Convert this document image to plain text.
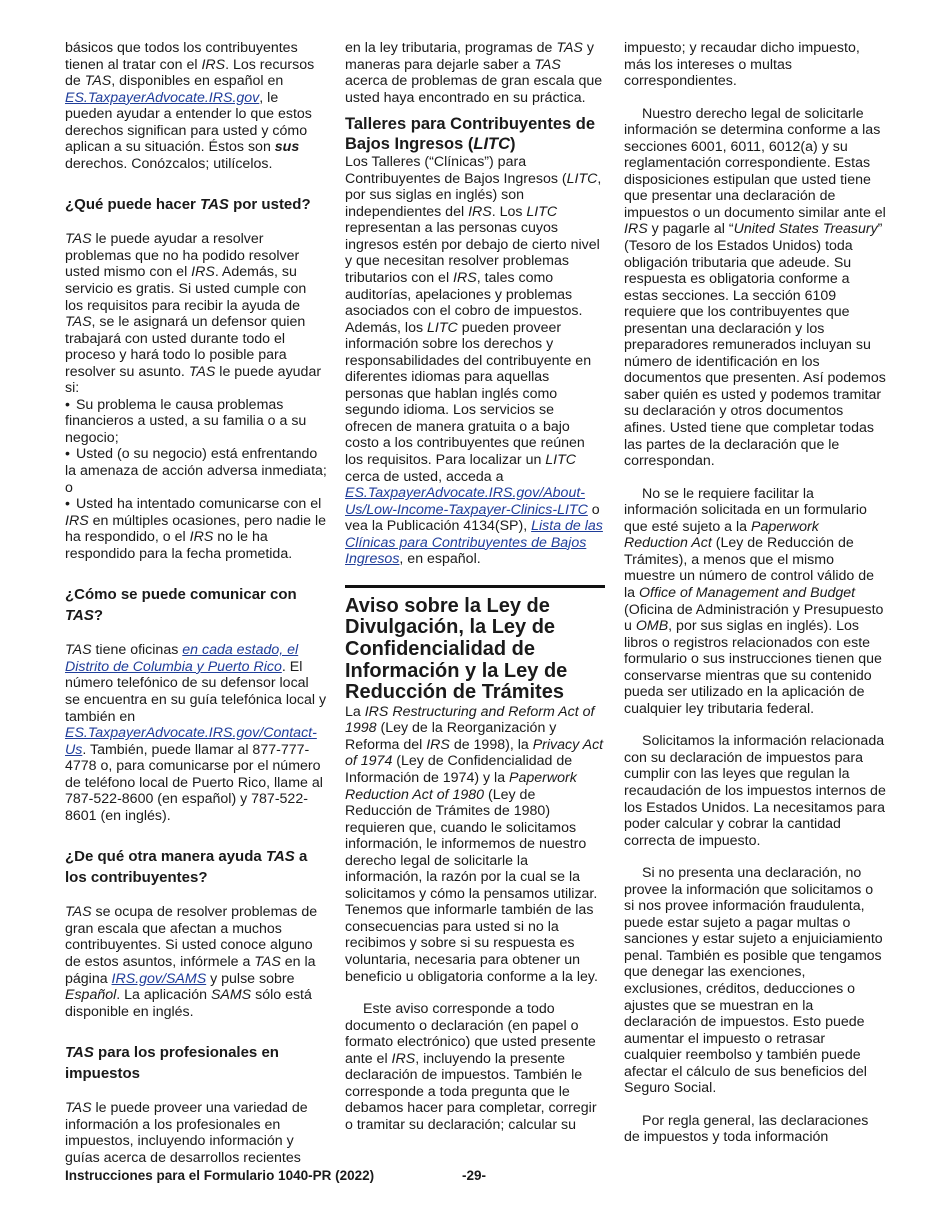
básicos que todos los contribuyentes tienen al tratar con el IRS. Los recursos de TAS, disponibles en español en ES.TaxpayerAdvocate.IRS.gov, le pueden ayudar a entender lo que estos derechos significan para usted y cómo aplican a su situación. Éstos son sus derechos. Conózcalos; utilícelos.

¿Qué puede hacer TAS por usted?

TAS le puede ayudar a resolver problemas que no ha podido resolver usted mismo con el IRS. Además, su servicio es gratis. Si usted cumple con los requisitos para recibir la ayuda de TAS, se le asignará un defensor quien trabajará con usted durante todo el proceso y hará todo lo posible para resolver su asunto. TAS le puede ayudar si:

• Su problema le causa problemas financieros a usted, a su familia o a su negocio;

• Usted (o su negocio) está enfrentando la amenaza de acción adversa inmediata; o

• Usted ha intentado comunicarse con el IRS en múltiples ocasiones, pero nadie le ha respondido, o el IRS no le ha respondido para la fecha prometida.

¿Cómo se puede comunicar con TAS?

TAS tiene oficinas en cada estado, el Distrito de Columbia y Puerto Rico. El número telefónico de su defensor local se encuentra en su guía telefónica local y también en ES.TaxpayerAdvocate.IRS.gov/Contact-Us. También, puede llamar al 877-777-4778 o, para comunicarse por el número de teléfono local de Puerto Rico, llame al 787-522-8600 (en español) y 787-522-8601 (en inglés).

¿De qué otra manera ayuda TAS a los contribuyentes?

TAS se ocupa de resolver problemas de gran escala que afectan a muchos contribuyentes. Si usted conoce alguno de estos asuntos, infórmele a TAS en la página IRS.gov/SAMS y pulse sobre Español. La aplicación SAMS sólo está disponible en inglés.

TAS para los profesionales en impuestos

TAS le puede proveer una variedad de información a los profesionales en impuestos, incluyendo información y guías acerca de desarrollos recientes

en la ley tributaria, programas de TAS y maneras para dejarle saber a TAS acerca de problemas de gran escala que usted haya encontrado en su práctica.

Talleres para Contribuyentes de Bajos Ingresos (LITC)

Los Talleres (“Clínicas”) para Contribuyentes de Bajos Ingresos (LITC, por sus siglas en inglés) son independientes del IRS. Los LITC representan a las personas cuyos ingresos estén por debajo de cierto nivel y que necesitan resolver problemas tributarios con el IRS, tales como auditorías, apelaciones y problemas asociados con el cobro de impuestos. Además, los LITC pueden proveer información sobre los derechos y responsabilidades del contribuyente en diferentes idiomas para aquellas personas que hablan inglés como segundo idioma. Los servicios se ofrecen de manera gratuita o a bajo costo a los contribuyentes que reúnen los requisitos. Para localizar un LITC cerca de usted, acceda a ES.TaxpayerAdvocate.IRS.gov/About-Us/Low-Income-Taxpayer-Clinics-LITC o vea la Publicación 4134(SP), Lista de las Clínicas para Contribuyentes de Bajos Ingresos, en español.

Aviso sobre la Ley de Divulgación, la Ley de Confidencialidad de Información y la Ley de Reducción de Trámites

La IRS Restructuring and Reform Act of 1998 (Ley de la Reorganización y Reforma del IRS de 1998), la Privacy Act of 1974 (Ley de Confidencialidad de Información de 1974) y la Paperwork Reduction Act of 1980 (Ley de Reducción de Trámites de 1980) requieren que, cuando le solicitamos información, le informemos de nuestro derecho legal de solicitarle la información, la razón por la cual se la solicitamos y cómo la pensamos utilizar. Tenemos que informarle también de las consecuencias para usted si no la recibimos y sobre si su respuesta es voluntaria, necesaria para obtener un beneficio u obligatoria conforme a la ley.

Este aviso corresponde a todo documento o declaración (en papel o formato electrónico) que usted presente ante el IRS, incluyendo la presente declaración de impuestos. También le corresponde a toda pregunta que le debamos hacer para completar, corregir o tramitar su declaración; calcular su

impuesto; y recaudar dicho impuesto, más los intereses o multas correspondientes.

Nuestro derecho legal de solicitarle información se determina conforme a las secciones 6001, 6011, 6012(a) y su reglamentación correspondiente. Estas disposiciones estipulan que usted tiene que presentar una declaración de impuestos o un documento similar ante el IRS y pagarle al “United States Treasury” (Tesoro de los Estados Unidos) toda obligación tributaria que adeude. Su respuesta es obligatoria conforme a estas secciones. La sección 6109 requiere que los contribuyentes que presentan una declaración y los preparadores remunerados incluyan su número de identificación en los documentos que presenten. Así podemos saber quién es usted y podemos tramitar su declaración y otros documentos afines. Usted tiene que completar todas las partes de la declaración que le correspondan.

No se le requiere facilitar la información solicitada en un formulario que esté sujeto a la Paperwork Reduction Act (Ley de Reducción de Trámites), a menos que el mismo muestre un número de control válido de la Office of Management and Budget (Oficina de Administración y Presupuesto u OMB, por sus siglas en inglés). Los libros o registros relacionados con este formulario o sus instrucciones tienen que conservarse mientras que su contenido pueda ser utilizado en la aplicación de cualquier ley tributaria federal.

Solicitamos la información relacionada con su declaración de impuestos para cumplir con las leyes que regulan la recaudación de los impuestos internos de los Estados Unidos. La necesitamos para poder calcular y cobrar la cantidad correcta de impuesto.

Si no presenta una declaración, no provee la información que solicitamos o si nos provee información fraudulenta, puede estar sujeto a pagar multas o sanciones y estar sujeto a enjuiciamiento penal. También es posible que tengamos que denegar las exenciones, exclusiones, créditos, deducciones o ajustes que se muestran en la declaración de impuestos. Esto puede aumentar el impuesto o retrasar cualquier reembolso y también puede afectar el cálculo de sus beneficios del Seguro Social.

Por regla general, las declaraciones de impuestos y toda información

Instrucciones para el Formulario 1040-PR (2022)	-29-
